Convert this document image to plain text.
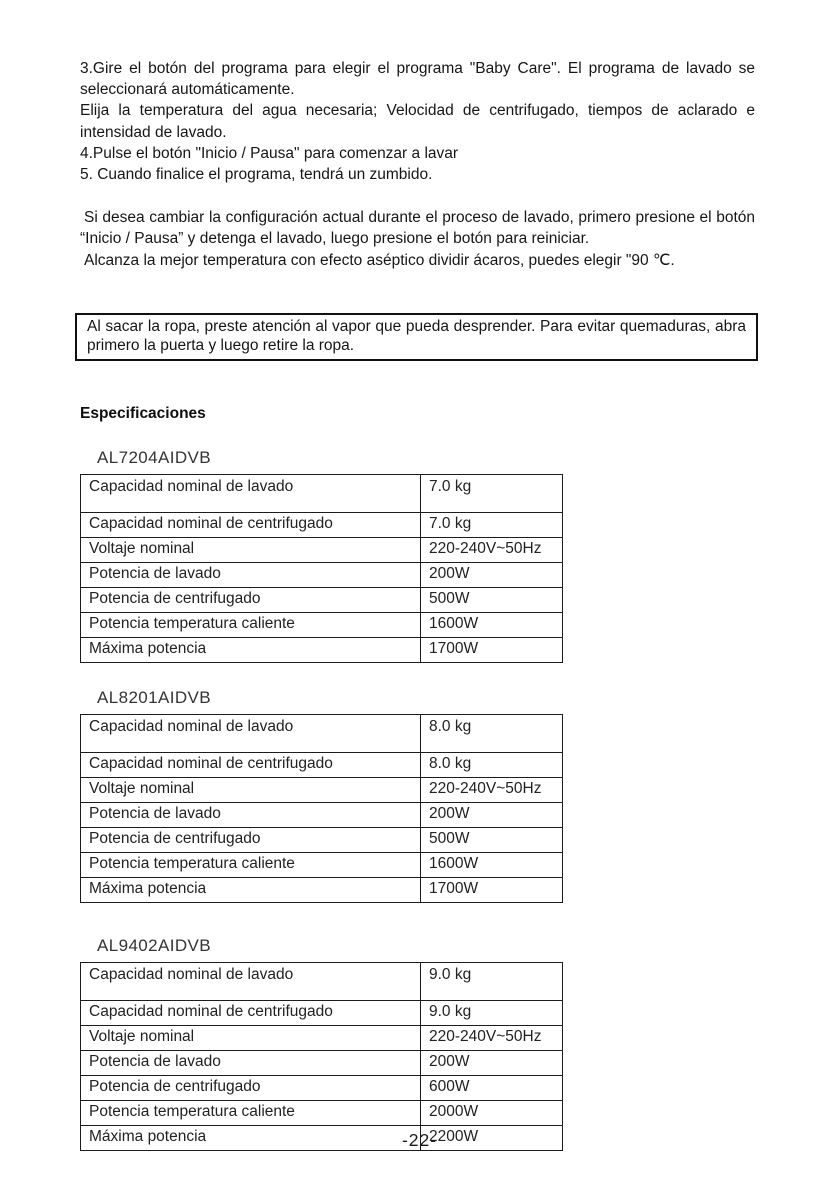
3.Gire el botón del programa para elegir el programa "Baby Care". El programa de lavado se seleccionará automáticamente.

Elija la temperatura del agua necesaria; Velocidad de centrifugado, tiempos de aclarado e intensidad de lavado.

4.Pulse el botón "Inicio / Pausa" para comenzar a lavar

5. Cuando finalice el programa, tendrá un zumbido.

Si desea cambiar la configuración actual durante el proceso de lavado, primero presione el botón “Inicio / Pausa” y detenga el lavado, luego presione el botón para reiniciar.

Alcanza la mejor temperatura con efecto aséptico dividir ácaros, puedes elegir "90 ℃.

Al sacar la ropa, preste atención al vapor que pueda desprender. Para evitar quemaduras, abra primero la puerta y luego retire la ropa.
Especificaciones
AL7204AIDVB
Capacidad nominal de lavado	7.0 kg
Capacidad nominal de centrifugado	7.0 kg
Voltaje nominal	220-240V~50Hz
Potencia de lavado	200W
Potencia de centrifugado	500W
Potencia temperatura caliente	1600W
Máxima potencia	1700W
AL8201AIDVB
Capacidad nominal de lavado	8.0 kg
Capacidad nominal de centrifugado	8.0 kg
Voltaje nominal	220-240V~50Hz
Potencia de lavado	200W
Potencia de centrifugado	500W
Potencia temperatura caliente	1600W
Máxima potencia	1700W
AL9402AIDVB
Capacidad nominal de lavado	9.0 kg
Capacidad nominal de centrifugado	9.0 kg
Voltaje nominal	220-240V~50Hz
Potencia de lavado	200W
Potencia de centrifugado	600W
Potencia temperatura caliente	2000W
Máxima potencia	2200W
-22-
